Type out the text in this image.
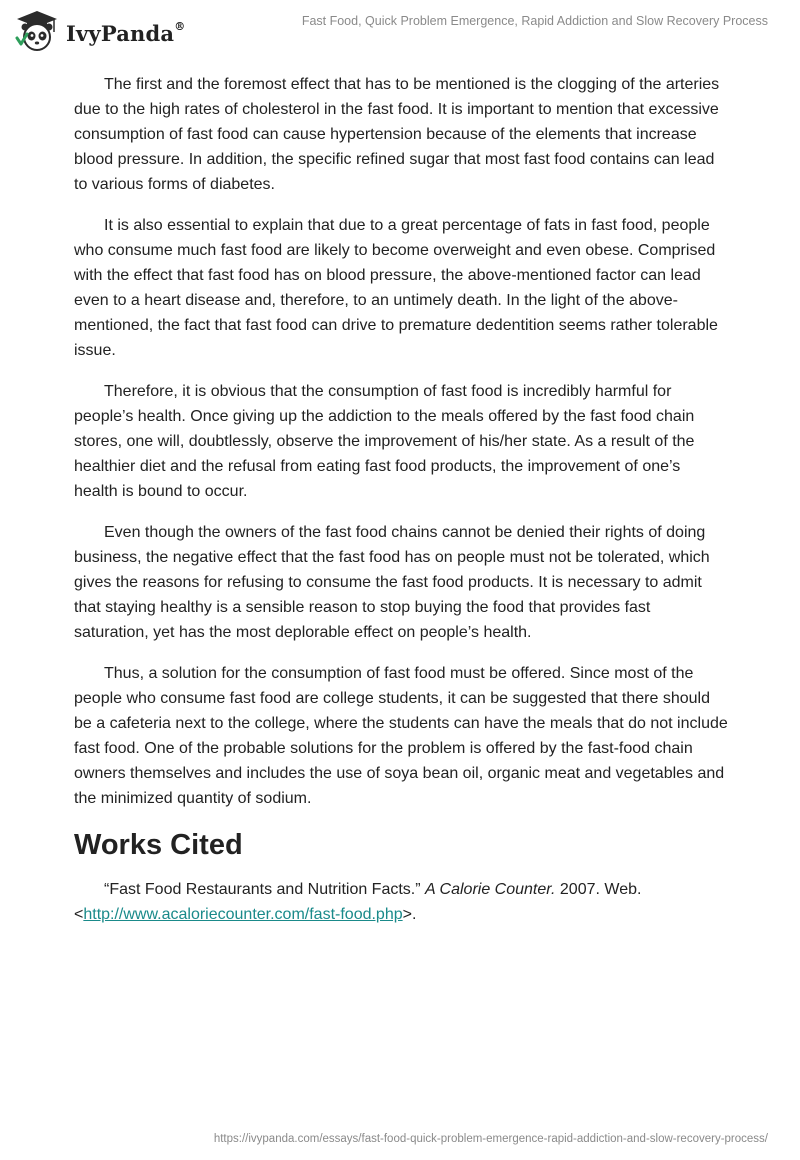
IvyPanda®	Fast Food, Quick Problem Emergence, Rapid Addiction and Slow Recovery Process

The first and the foremost effect that has to be mentioned is the clogging of the arteries due to the high rates of cholesterol in the fast food. It is important to mention that excessive consumption of fast food can cause hypertension because of the elements that increase blood pressure. In addition, the specific refined sugar that most fast food contains can lead to various forms of diabetes.

It is also essential to explain that due to a great percentage of fats in fast food, people who consume much fast food are likely to become overweight and even obese. Comprised with the effect that fast food has on blood pressure, the above-mentioned factor can lead even to a heart disease and, therefore, to an untimely death. In the light of the above-mentioned, the fact that fast food can drive to premature dedentition seems rather tolerable issue.

Therefore, it is obvious that the consumption of fast food is incredibly harmful for people’s health. Once giving up the addiction to the meals offered by the fast food chain stores, one will, doubtlessly, observe the improvement of his/her state. As a result of the healthier diet and the refusal from eating fast food products, the improvement of one’s health is bound to occur.

Even though the owners of the fast food chains cannot be denied their rights of doing business, the negative effect that the fast food has on people must not be tolerated, which gives the reasons for refusing to consume the fast food products. It is necessary to admit that staying healthy is a sensible reason to stop buying the food that provides fast saturation, yet has the most deplorable effect on people’s health.

Thus, a solution for the consumption of fast food must be offered. Since most of the people who consume fast food are college students, it can be suggested that there should be a cafeteria next to the college, where the students can have the meals that do not include fast food. One of the probable solutions for the problem is offered by the fast-food chain owners themselves and includes the use of soya bean oil, organic meat and vegetables and the minimized quantity of sodium.

Works Cited

“Fast Food Restaurants and Nutrition Facts.” A Calorie Counter. 2007. Web.
<http://www.acaloriecounter.com/fast-food.php>.

https://ivypanda.com/essays/fast-food-quick-problem-emergence-rapid-addiction-and-slow-recovery-process/
